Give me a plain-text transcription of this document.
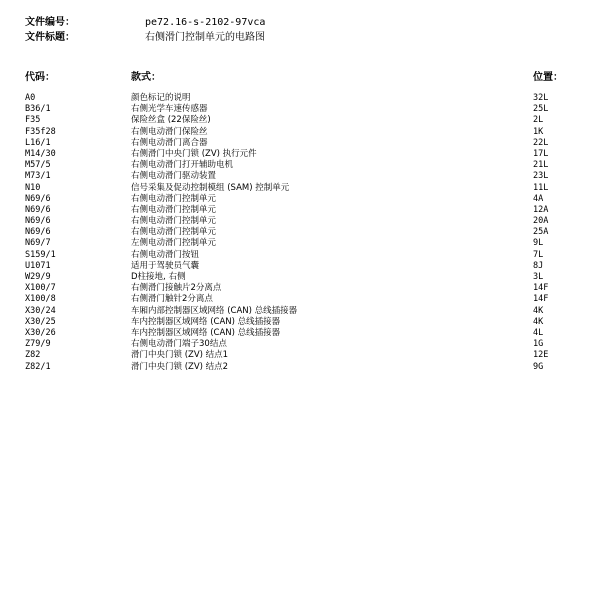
文件编号：	pe72.16-s-2102-97vca
文件标题：	右侧滑门控制单元的电路图
代码：	款式：	位置：
A0	颜色标记的说明	32L
B36/1	右侧光学车速传感器	25L
F35	保险丝盒 (22保险丝)	2L
F35f28	右侧电动滑门保险丝	1K
L16/1	右侧电动滑门离合器	22L
M14/30	右侧滑门中央门锁 (ZV) 执行元件	17L
M57/5	右侧电动滑门打开辅助电机	21L
M73/1	右侧电动滑门驱动装置	23L
N10	信号采集及促动控制模组 (SAM) 控制单元	11L
N69/6	右侧电动滑门控制单元	4A
N69/6	右侧电动滑门控制单元	12A
N69/6	右侧电动滑门控制单元	20A
N69/6	右侧电动滑门控制单元	25A
N69/7	左侧电动滑门控制单元	9L
S159/1	右侧电动滑门按钮	7L
U1071	适用于驾驶员气囊	8J
W29/9	D柱接地, 右侧	3L
X100/7	右侧滑门接触片2分离点	14F
X100/8	右侧滑门触针2分离点	14F
X30/24	车厢内部控制器区域网络 (CAN) 总线插接器	4K
X30/25	车内控制器区域网络 (CAN) 总线插接器	4K
X30/26	车内控制器区域网络 (CAN) 总线插接器	4L
Z79/9	右侧电动滑门端子30结点	1G
Z82	滑门中央门锁 (ZV) 结点1	12E
Z82/1	滑门中央门锁 (ZV) 结点2	9G
